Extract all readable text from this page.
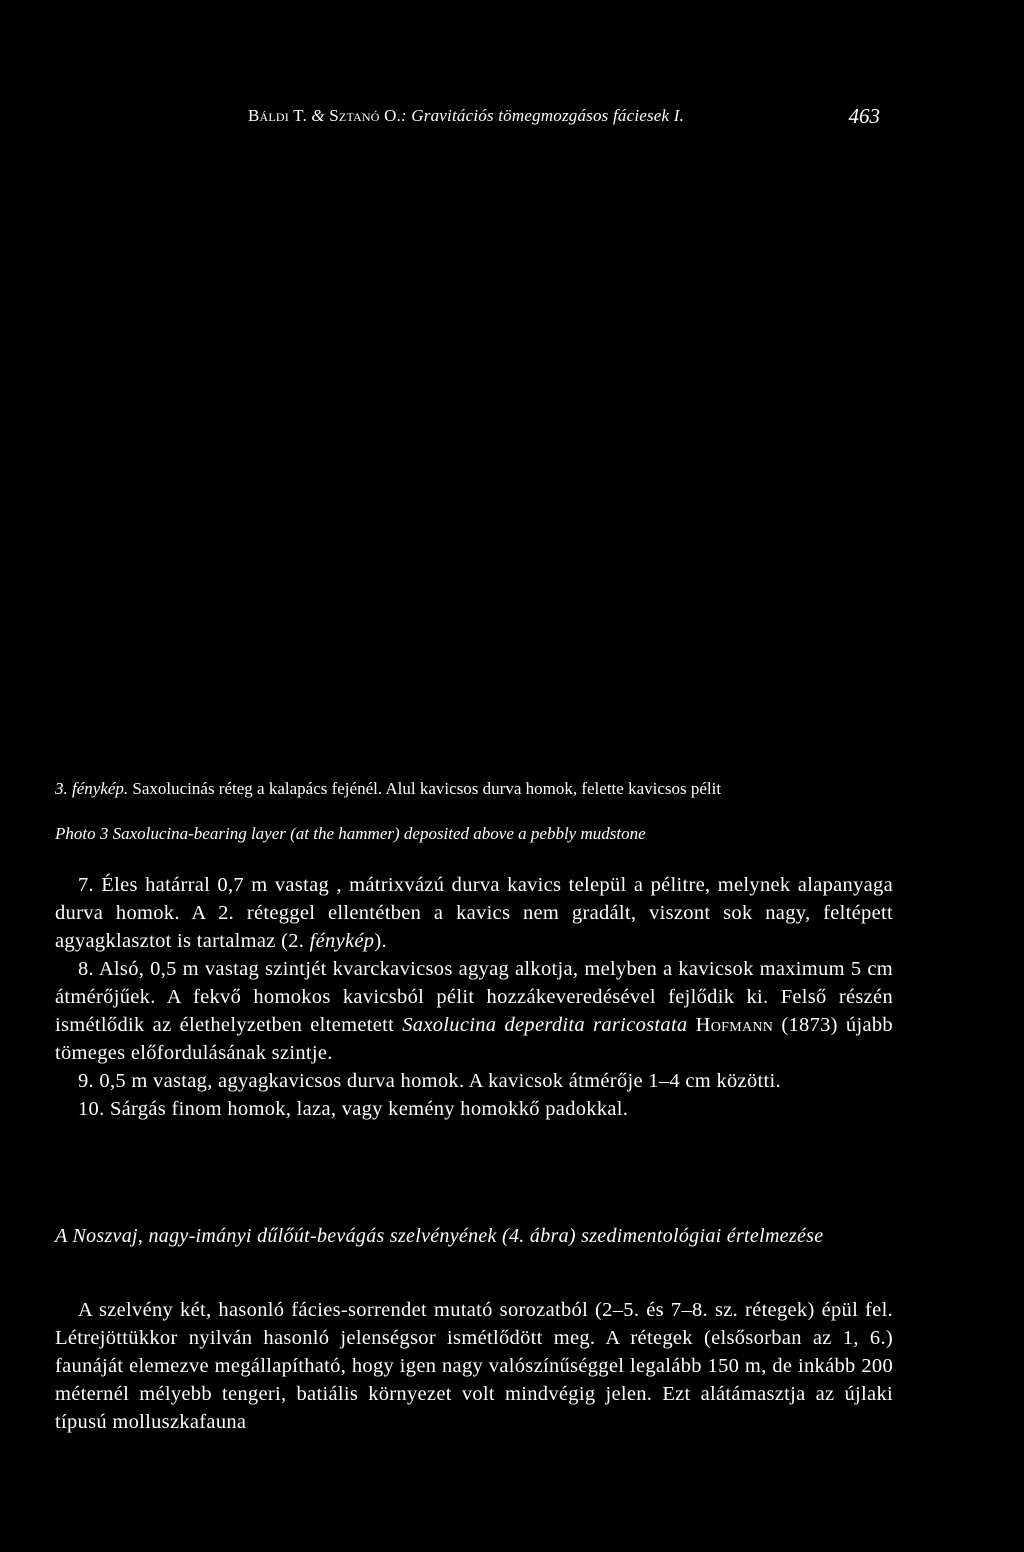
Báldi T. & Sztanó O.: Gravitációs tömegmozgásos fáciesek I.	463
3. fénykép. Saxolucinás réteg a kalapács fejénél. Alul kavicsos durva homok, felette kavicsos pélit
Photo 3 Saxolucina-bearing layer (at the hammer) deposited above a pebbly mudstone

7. Éles határral 0,7 m vastag , mátrixvázú durva kavics települ a pélitre, melynek alapanyaga durva homok. A 2. réteggel ellentétben a kavics nem gradált, viszont sok nagy, feltépett agyagklasztot is tartalmaz (2. fénykép).

8. Alsó, 0,5 m vastag szintjét kvarckavicsos agyag alkotja, melyben a kavicsok maximum 5 cm átmérőjűek. A fekvő homokos kavicsból pélit hozzákeveredésével fejlődik ki. Felső részén ismétlődik az élethelyzetben eltemetett Saxolucina deperdita raricostata Hofmann (1873) újabb tömeges előfordulásának szintje.

9. 0,5 m vastag, agyagkavicsos durva homok. A kavicsok átmérője 1–4 cm közötti.

10. Sárgás finom homok, laza, vagy kemény homokkő padokkal.

A Noszvaj, nagy-imányi dűlőút-bevágás szelvényének (4. ábra) szedimentológiai értelmezése

A szelvény két, hasonló fácies-sorrendet mutató sorozatból (2–5. és 7–8. sz. rétegek) épül fel. Létrejöttükkor nyilván hasonló jelenségsor ismétlődött meg. A rétegek (elsősorban az 1, 6.) faunáját elemezve megállapítható, hogy igen nagy valószínűséggel legalább 150 m, de inkább 200 méternél mélyebb tengeri, batiális környezet volt mindvégig jelen. Ezt alátámasztja az újlaki típusú molluszkafauna
